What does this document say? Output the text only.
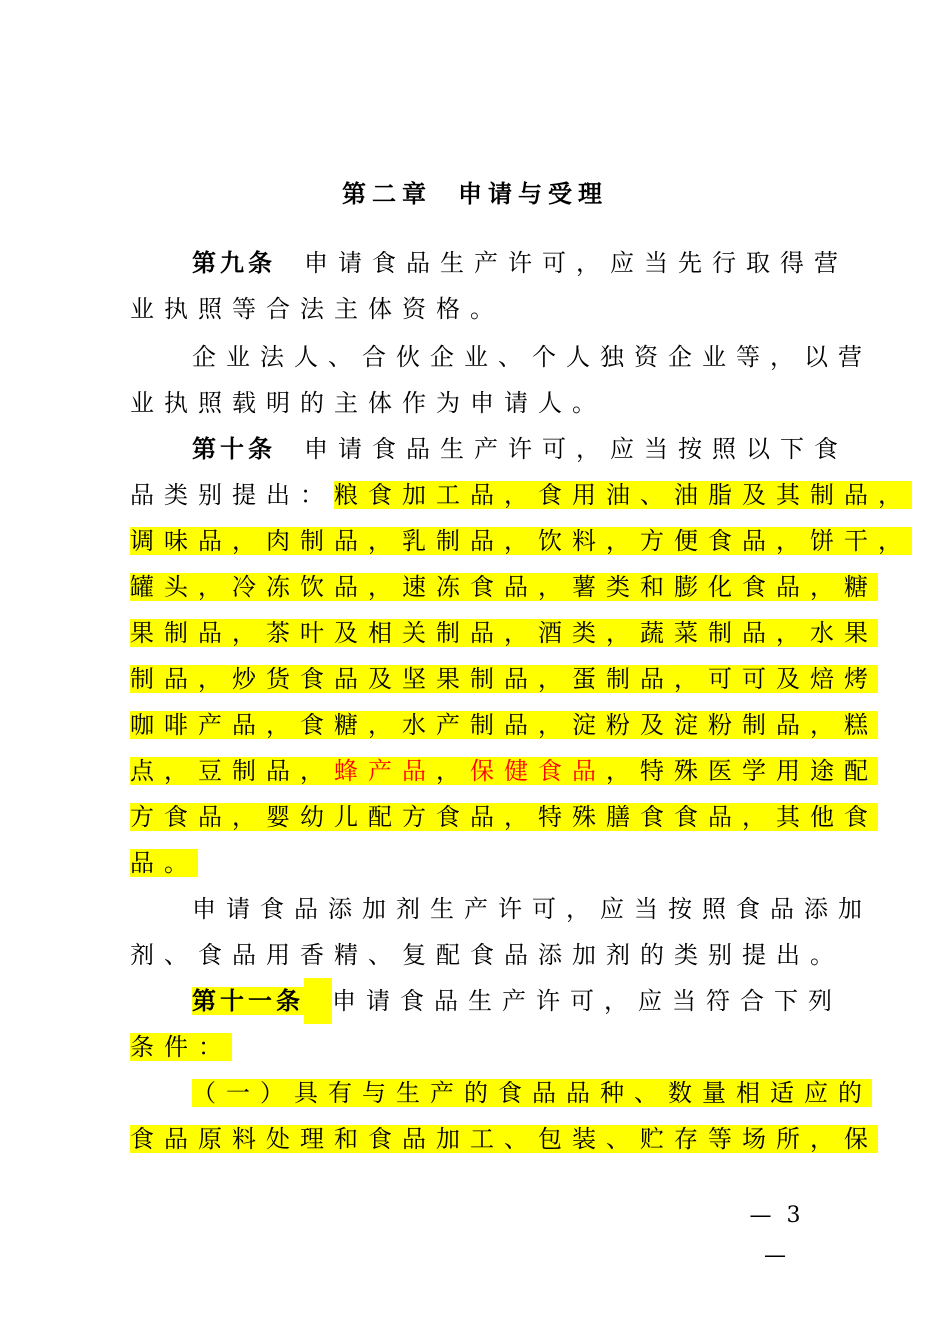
第二章 申请与受理
第九条 申请食品生产许可，应当先行取得营
业执照等合法主体资格。
企业法人、合伙企业、个人独资企业等，以营
业执照载明的主体作为申请人。
第十条 申请食品生产许可，应当按照以下食
品类别提出：粮食加工品，食用油、油脂及其制品，
调味品，肉制品，乳制品，饮料，方便食品，饼干，
罐头，冷冻饮品，速冻食品，薯类和膨化食品，糖
果制品，茶叶及相关制品，酒类，蔬菜制品，水果
制品，炒货食品及坚果制品，蛋制品，可可及焙烤
咖啡产品，食糖，水产制品，淀粉及淀粉制品，糕
点，豆制品，蜂产品，保健食品，特殊医学用途配
方食品，婴幼儿配方食品，特殊膳食食品，其他食
品。
申请食品添加剂生产许可，应当按照食品添加
剂、食品用香精、复配食品添加剂的类别提出。
第十一条 申请食品生产许可，应当符合下列
条件：
（一）具有与生产的食品品种、数量相适应的
食品原料处理和食品加工、包装、贮存等场所，保
— 3 —
